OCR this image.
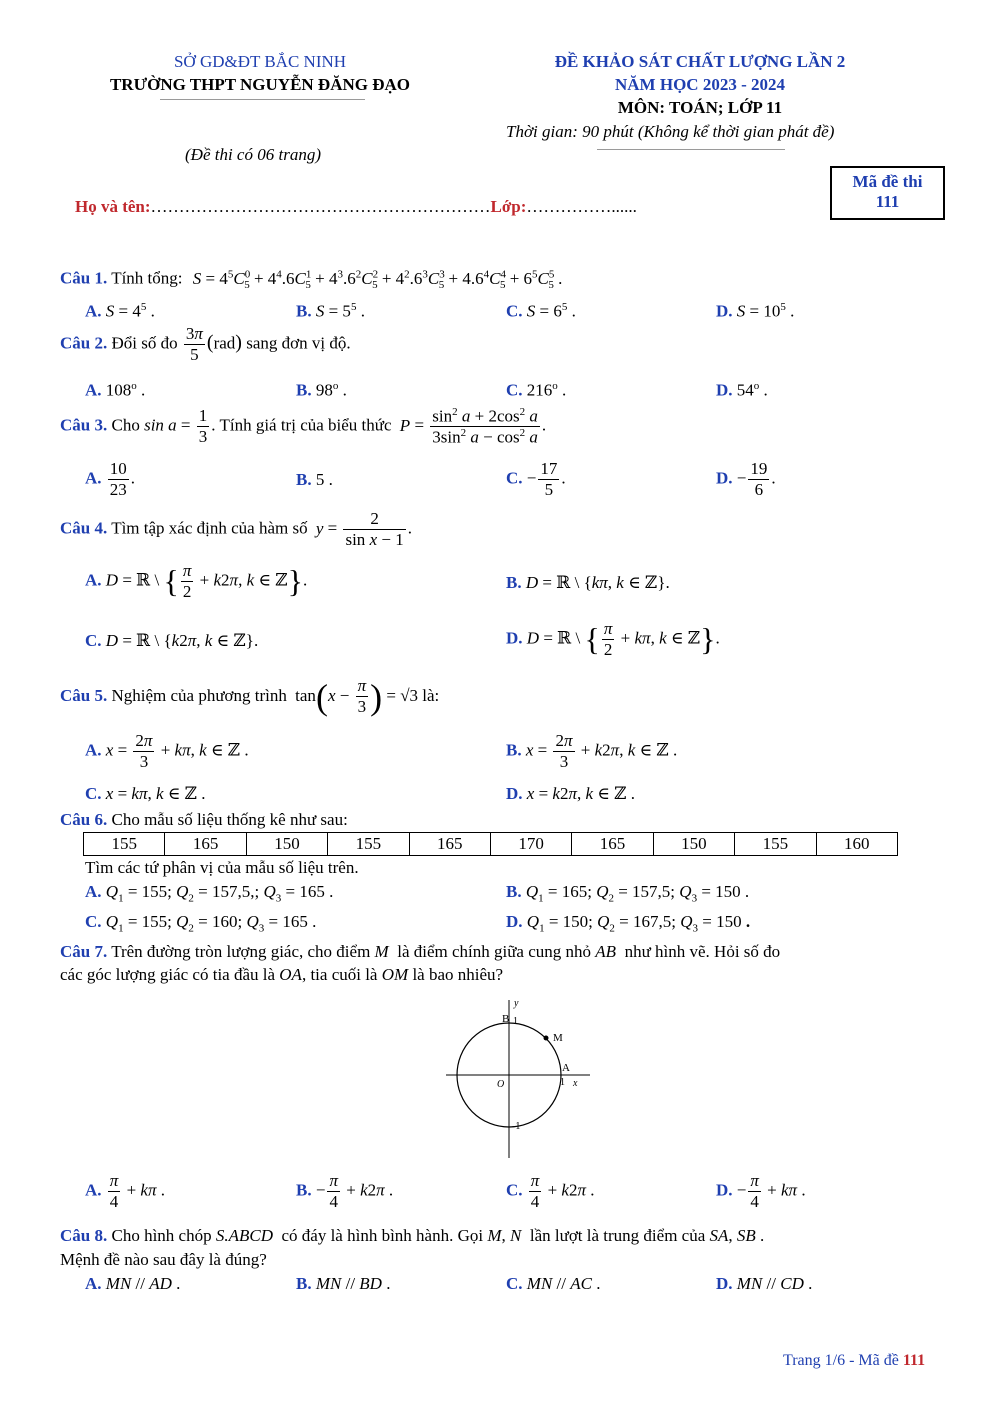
SỞ GD&ĐT BẮC NINH
TRƯỜNG THPT NGUYỄN ĐĂNG ĐẠO
(Đề thi có 06 trang)
ĐỀ KHẢO SÁT CHẤT LƯỢNG LẦN 2
NĂM HỌC 2023 - 2024
MÔN: TOÁN; LỚP 11
Thời gian: 90 phút (Không kể thời gian phát đề)
Họ và tên:……………………………………………………Lớp:……………......
Mã đề thi
111
Câu 1. Tính tổng: $S = 4^5C^0_5 + 4^4.6C^1_5 + 4^3.6^2C^2_5 + 4^2.6^3C^3_5 + 4.6^4C^4_5 + 6^5C^5_5$ .
A. $S = 4^5$ .	B. $S = 5^5$ .	C. $S = 6^5$ .	D. $S = 10^5$ .
Câu 2. Đổi số đo $\frac{3\pi}{5} (rad)$ sang đơn vị độ.
A. 108$^o$ .	B. 98$^o$ .	C. 216$^o$ .	D. 54$^o$ .
Câu 3. Cho $\sin a = \frac{1}{3}$ . Tính giá trị của biểu thức $P = \frac{\sin^2 a + 2\cos^2 a}{3\sin^2 a - \cos^2 a}$ .
A. $\frac{10}{23}$ .	B. 5 .	C. − $\frac{17}{5}$ .	D. − $\frac{19}{6}$ .
Câu 4. Tìm tập xác định của hàm số $y = \frac{2}{\text{sin x − 1}}$ .
A. D = ℝ \ { $\frac{\pi}{2} + k2\pi$, k ∈ ℤ}.	B. D = ℝ \ {kπ, k ∈ ℤ}.
C. D = ℝ \ {k2π, k ∈ ℤ}.	D. D = ℝ \ { $\frac{\pi}{2} + k\pi$, k ∈ ℤ}.
Câu 5. Nghiệm của phương trình $\tan(x - \frac{\pi}{3}$ ) = √3 là:
A. $x = \frac{2\pi}{3} + k\pi$, k ∈ ℤ .	B. $x = \frac{2\pi}{3} + k2\pi$, k ∈ ℤ .
C. x = kπ, k ∈ ℤ .	D. x = k2π, k ∈ ℤ .
Câu 6. Cho mẫu số liệu thống kê như sau:
155	165	150	155	165	170	165	150	155	160
Tìm các tứ phân vị của mẫu số liệu trên.
A. $Q_1 = 155$; $Q_2 = 157,5$,; $Q_3 = 165$ .	B. $Q_1 = 165$; $Q_2 = 157,5$; $Q_3 = 150$ .
C. $Q_1 = 155$; $Q_2 = 160$; $Q_3 = 165$ .	D. $Q_1 = 150$; $Q_2 = 167,5$; $Q_3 = 150$ .
Câu 7. Trên đường tròn lượng giác, cho điểm M là điểm chính giữa cung nhỏ AB như hình vẽ. Hỏi số đo
các góc lượng giác có tia đầu là OA, tia cuối là OM là bao nhiêu?
B 1
M
A
O	1 x
y
-1
A. $\frac{\pi}{4} + k\pi$ .	B. − $\frac{\pi}{4} + k2\pi$ .	C. $\frac{\pi}{4} + k2\pi$ .	D. − $\frac{\pi}{4} + k\pi$ .
Câu 8. Cho hình chóp S.ABCD có đáy là hình bình hành. Gọi M, N lần lượt là trung điểm của SA, SB .
Mệnh đề nào sau đây là đúng?
A. MN // AD .	B. MN // BD .	C. MN // AC .	D. MN // CD .
Trang 1/6 - Mã đề 111
